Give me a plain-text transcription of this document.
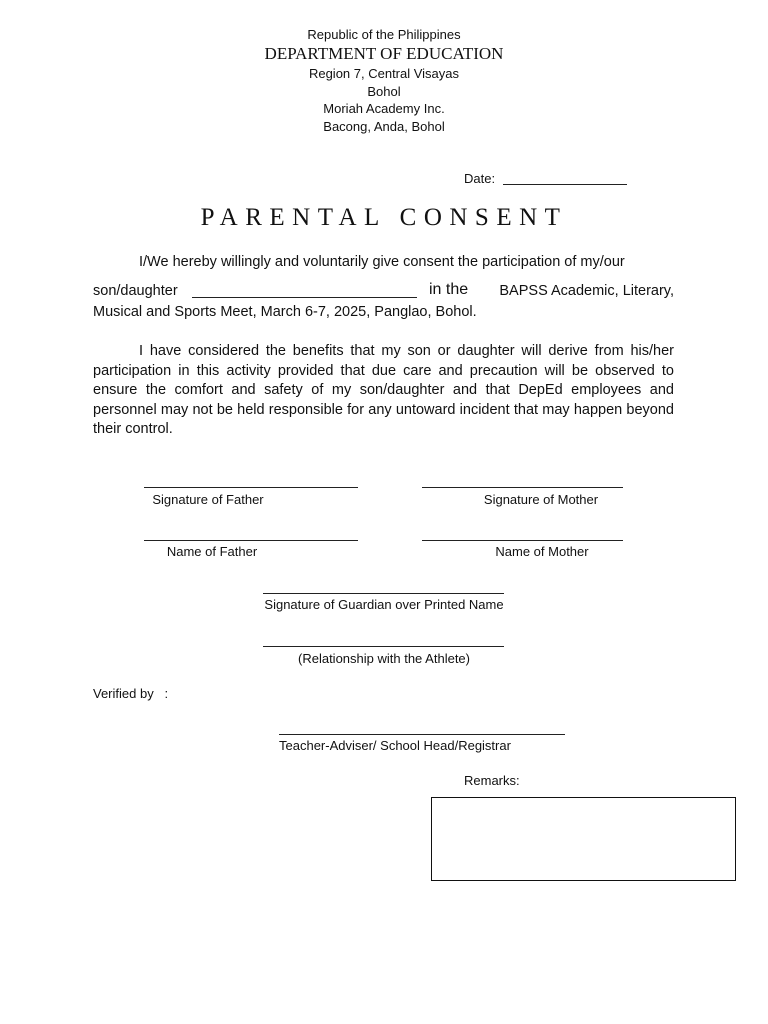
Republic of the Philippines
DEPARTMENT OF EDUCATION
Region 7, Central Visayas
Bohol
Moriah Academy Inc.
Bacong, Anda, Bohol
Date:
PARENTAL CONSENT
I/We hereby willingly and voluntarily give consent the participation of my/our
son/daughter	in the	BAPSS Academic, Literary,
Musical and Sports Meet, March 6-7, 2025, Panglao, Bohol.
I have considered the benefits that my son or daughter will derive from his/her participation in this activity provided that due care and precaution will be observed to ensure the comfort and safety of my son/daughter and that DepEd employees and personnel may not be held responsible for any untoward incident that may happen beyond their control.
Signature of Father	Signature of Mother
Name of Father	Name of Mother
Signature of Guardian over Printed Name
(Relationship with the Athlete)
Verified by   :
Teacher-Adviser/ School Head/Registrar
Remarks:
